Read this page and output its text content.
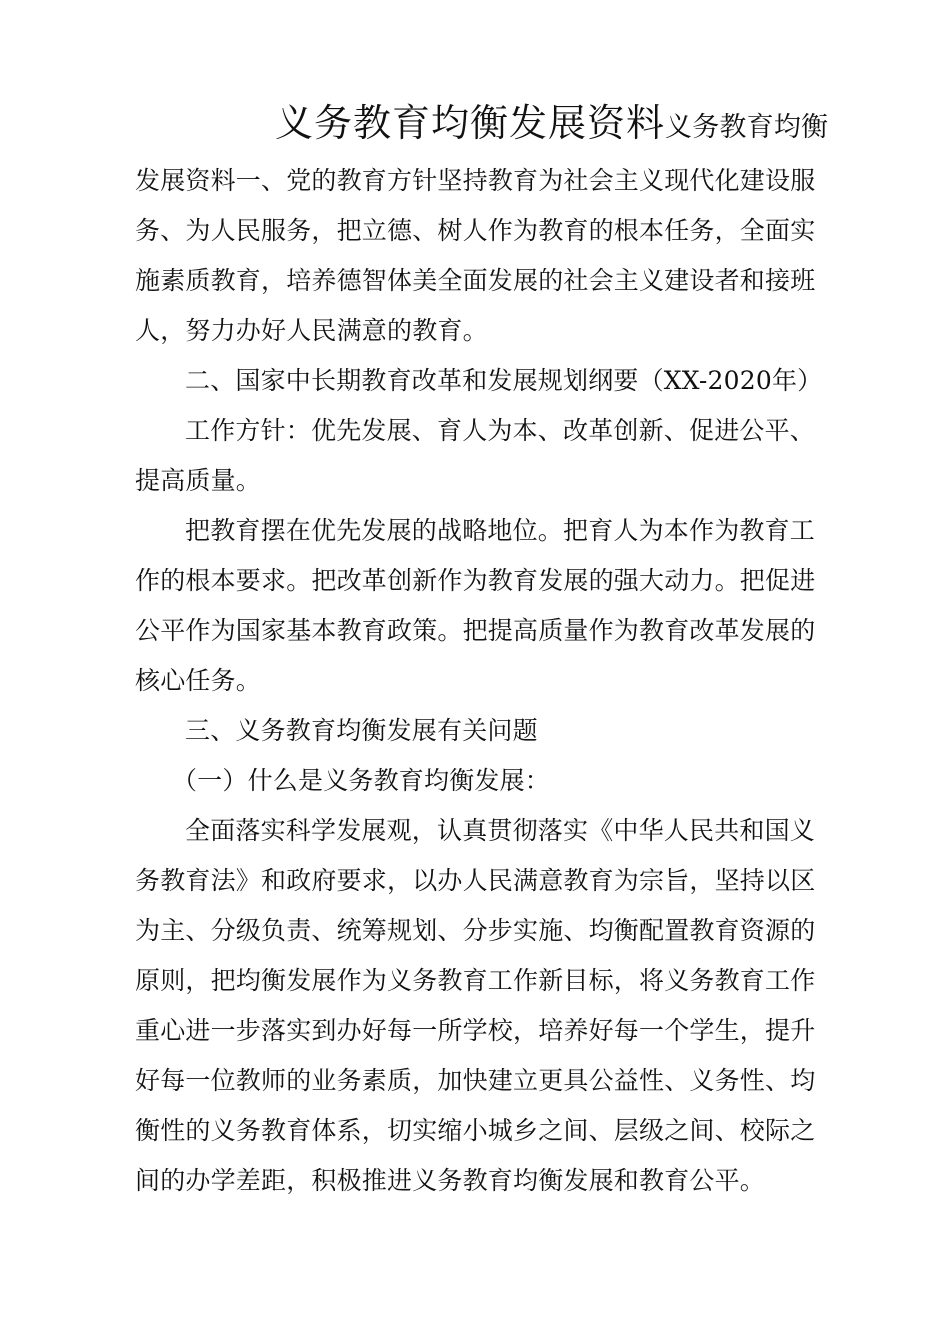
义务教育均衡发展资料义务教育均衡
发展资料一、党的教育方针坚持教育为社会主义现代化建设服
务、为人民服务，把立德、树人作为教育的根本任务，全面实
施素质教育，培养德智体美全面发展的社会主义建设者和接班
人，努力办好人民满意的教育。
二、国家中长期教育改革和发展规划纲要（XX-2020年）
工作方针：优先发展、育人为本、改革创新、促进公平、
提高质量。
把教育摆在优先发展的战略地位。把育人为本作为教育工
作的根本要求。把改革创新作为教育发展的强大动力。把促进
公平作为国家基本教育政策。把提高质量作为教育改革发展的
核心任务。
三、义务教育均衡发展有关问题
（一）什么是义务教育均衡发展：
全面落实科学发展观，认真贯彻落实《中华人民共和国义
务教育法》和政府要求，以办人民满意教育为宗旨，坚持以区
为主、分级负责、统筹规划、分步实施、均衡配置教育资源的
原则，把均衡发展作为义务教育工作新目标，将义务教育工作
重心进一步落实到办好每一所学校，培养好每一个学生，提升
好每一位教师的业务素质，加快建立更具公益性、义务性、均
衡性的义务教育体系，切实缩小城乡之间、层级之间、校际之
间的办学差距，积极推进义务教育均衡发展和教育公平。
